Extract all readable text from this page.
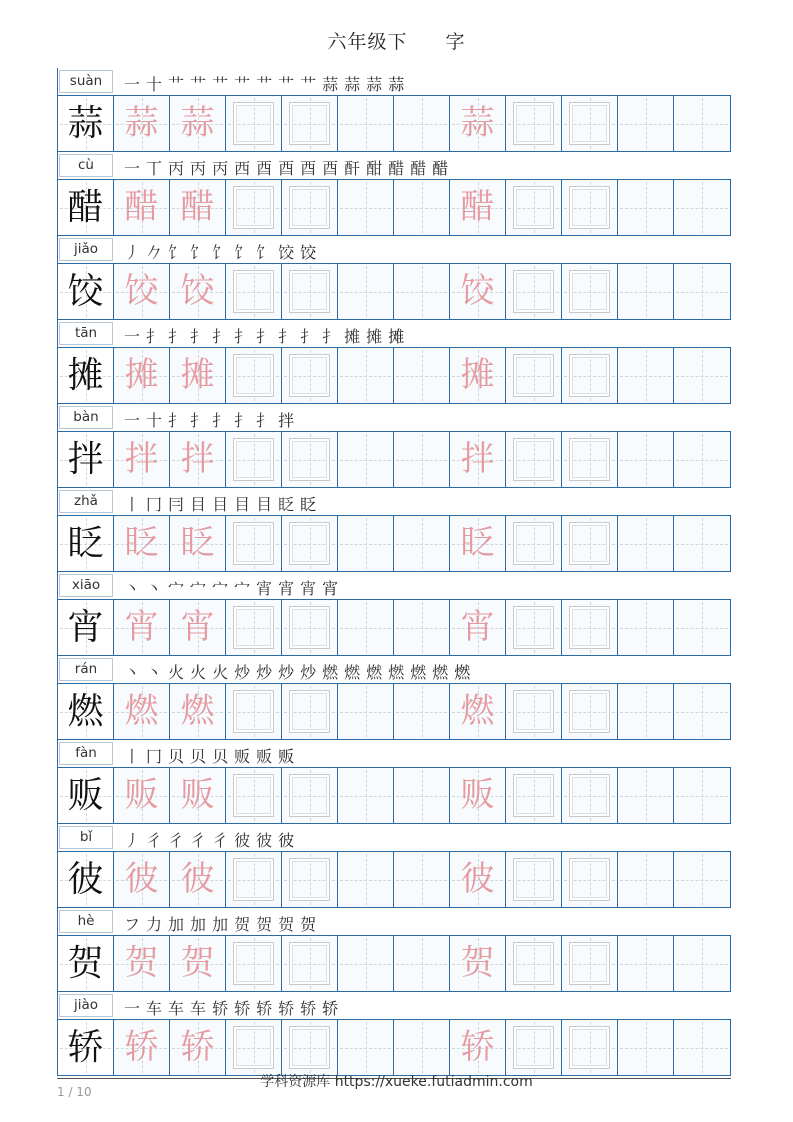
六年级下 字
suàn	一 十 艹 艹 艹 艹 艹 艹 艹 蒜 蒜 蒜 蒜
蒜 蒜 蒜	蒜
cù	一 丅 丙 丙 丙 西 酉 酉 酉 酉 酐 酣 醋 醋 醋
醋 醋 醋	醋
jiǎo	丿 𠂊 饣 饣 饣 饣 饣 饺 饺
饺 饺 饺	饺
tān	一 扌 扌 扌 扌 扌 扌 扌 扌 扌 摊 摊 摊
摊 摊 摊	摊
bàn	一 十 扌 扌 扌 扌 扌 拌
拌 拌 拌	拌
zhǎ	丨 冂 冃 目 目 目 目 眨 眨
眨 眨 眨	眨
xiāo	丶 丶 宀 宀 宀 宀 宵 宵 宵 宵
宵 宵 宵	宵
rán	丶 丶 火 火 火 炒 炒 炒 炒 燃 燃 燃 燃 燃 燃 燃
燃 燃 燃	燃
fàn	丨 冂 贝 贝 贝 贩 贩 贩
贩 贩 贩	贩
bǐ	丿 彳 彳 彳 彳 彼 彼 彼
彼 彼 彼	彼
hè	フ 力 加 加 加 贺 贺 贺 贺
贺 贺 贺	贺
jiào	一 车 车 车 轿 轿 轿 轿 轿 轿
轿 轿 轿	轿
学科资源库 https://xueke.futiadmin.com
1 / 10
